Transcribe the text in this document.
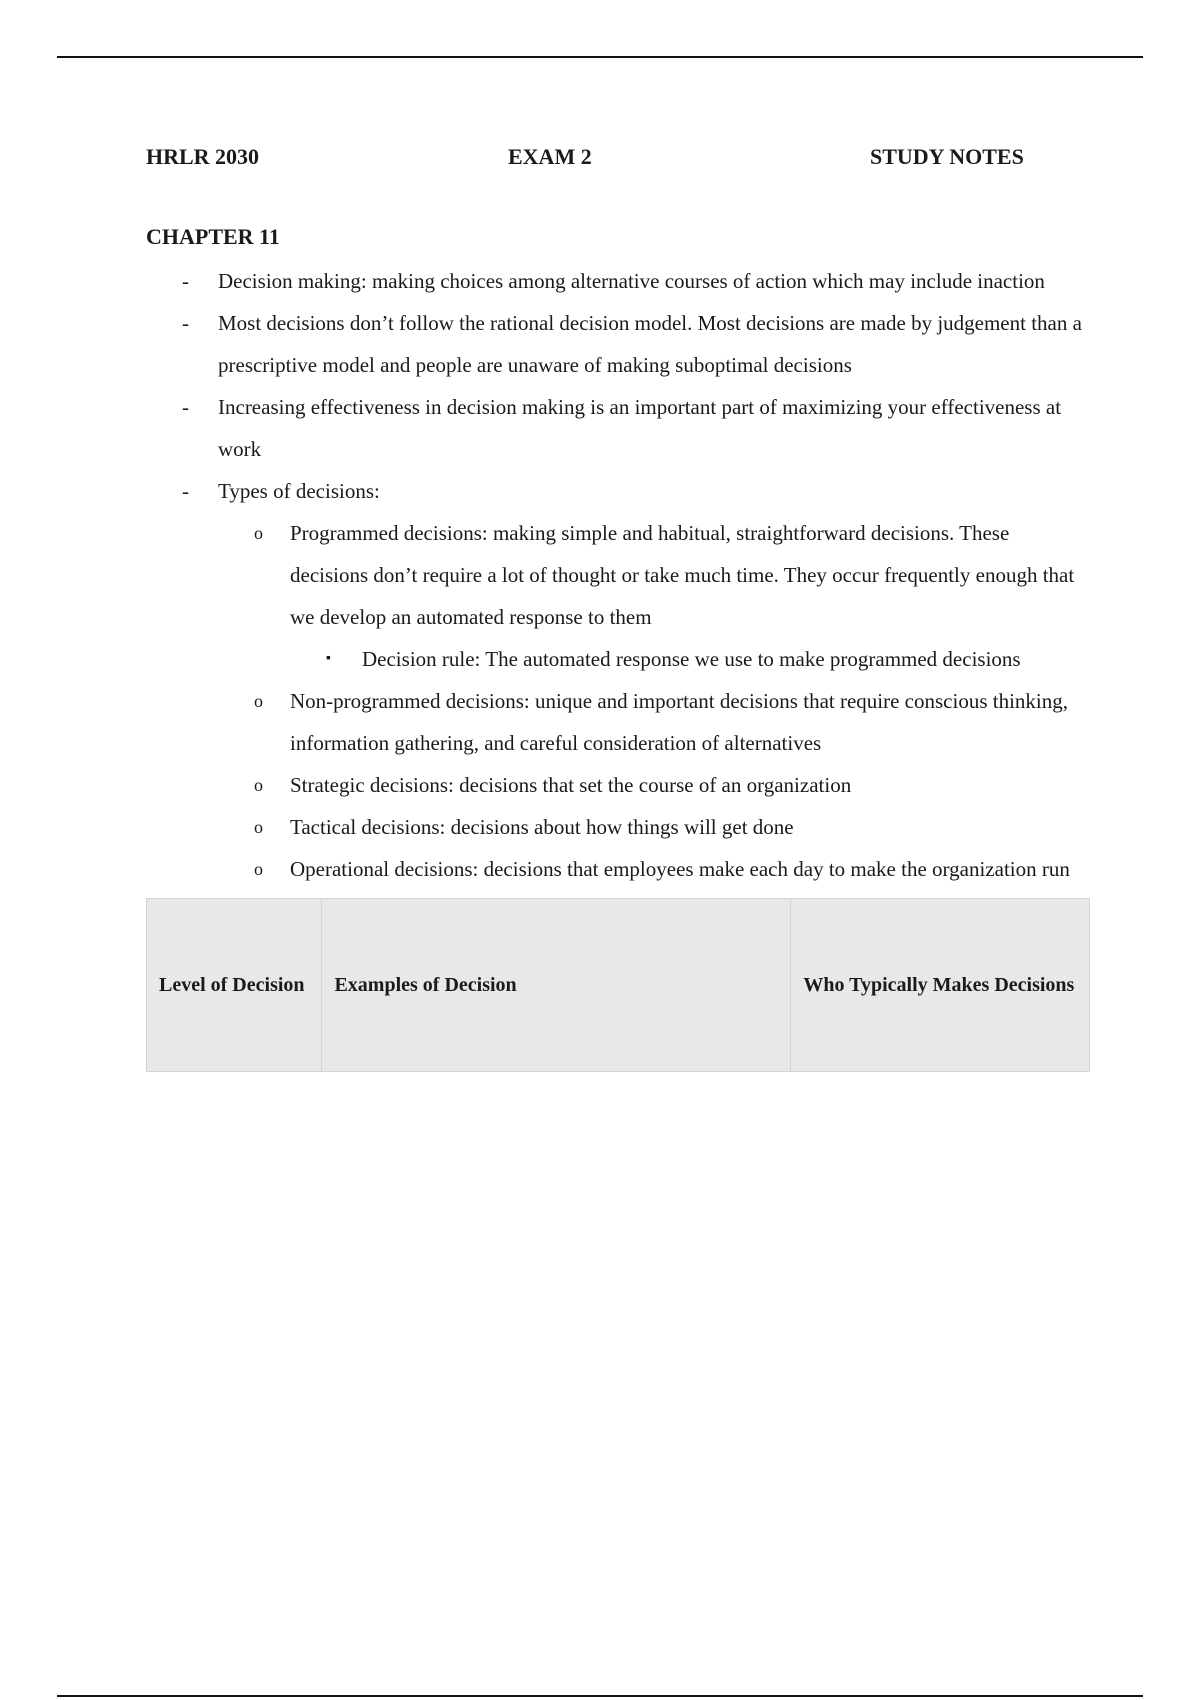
HRLR 2030	EXAM 2	STUDY NOTES
CHAPTER 11
-	Decision making: making choices among alternative courses of action which may include inaction
-	Most decisions don’t follow the rational decision model. Most decisions are made by judgement than a prescriptive model and people are unaware of making suboptimal decisions
-	Increasing effectiveness in decision making is an important part of maximizing your effectiveness at work
-	Types of decisions:
o	Programmed decisions: making simple and habitual, straightforward decisions. These decisions don’t require a lot of thought or take much time. They occur frequently enough that we develop an automated response to them
▪	Decision rule: The automated response we use to make programmed decisions
o	Non-programmed decisions: unique and important decisions that require conscious thinking, information gathering, and careful consideration of alternatives
o	Strategic decisions: decisions that set the course of an organization
o	Tactical decisions: decisions about how things will get done
o	Operational decisions: decisions that employees make each day to make the organization run
Level of Decision	Examples of Decision	Who Typically Makes Decisions
